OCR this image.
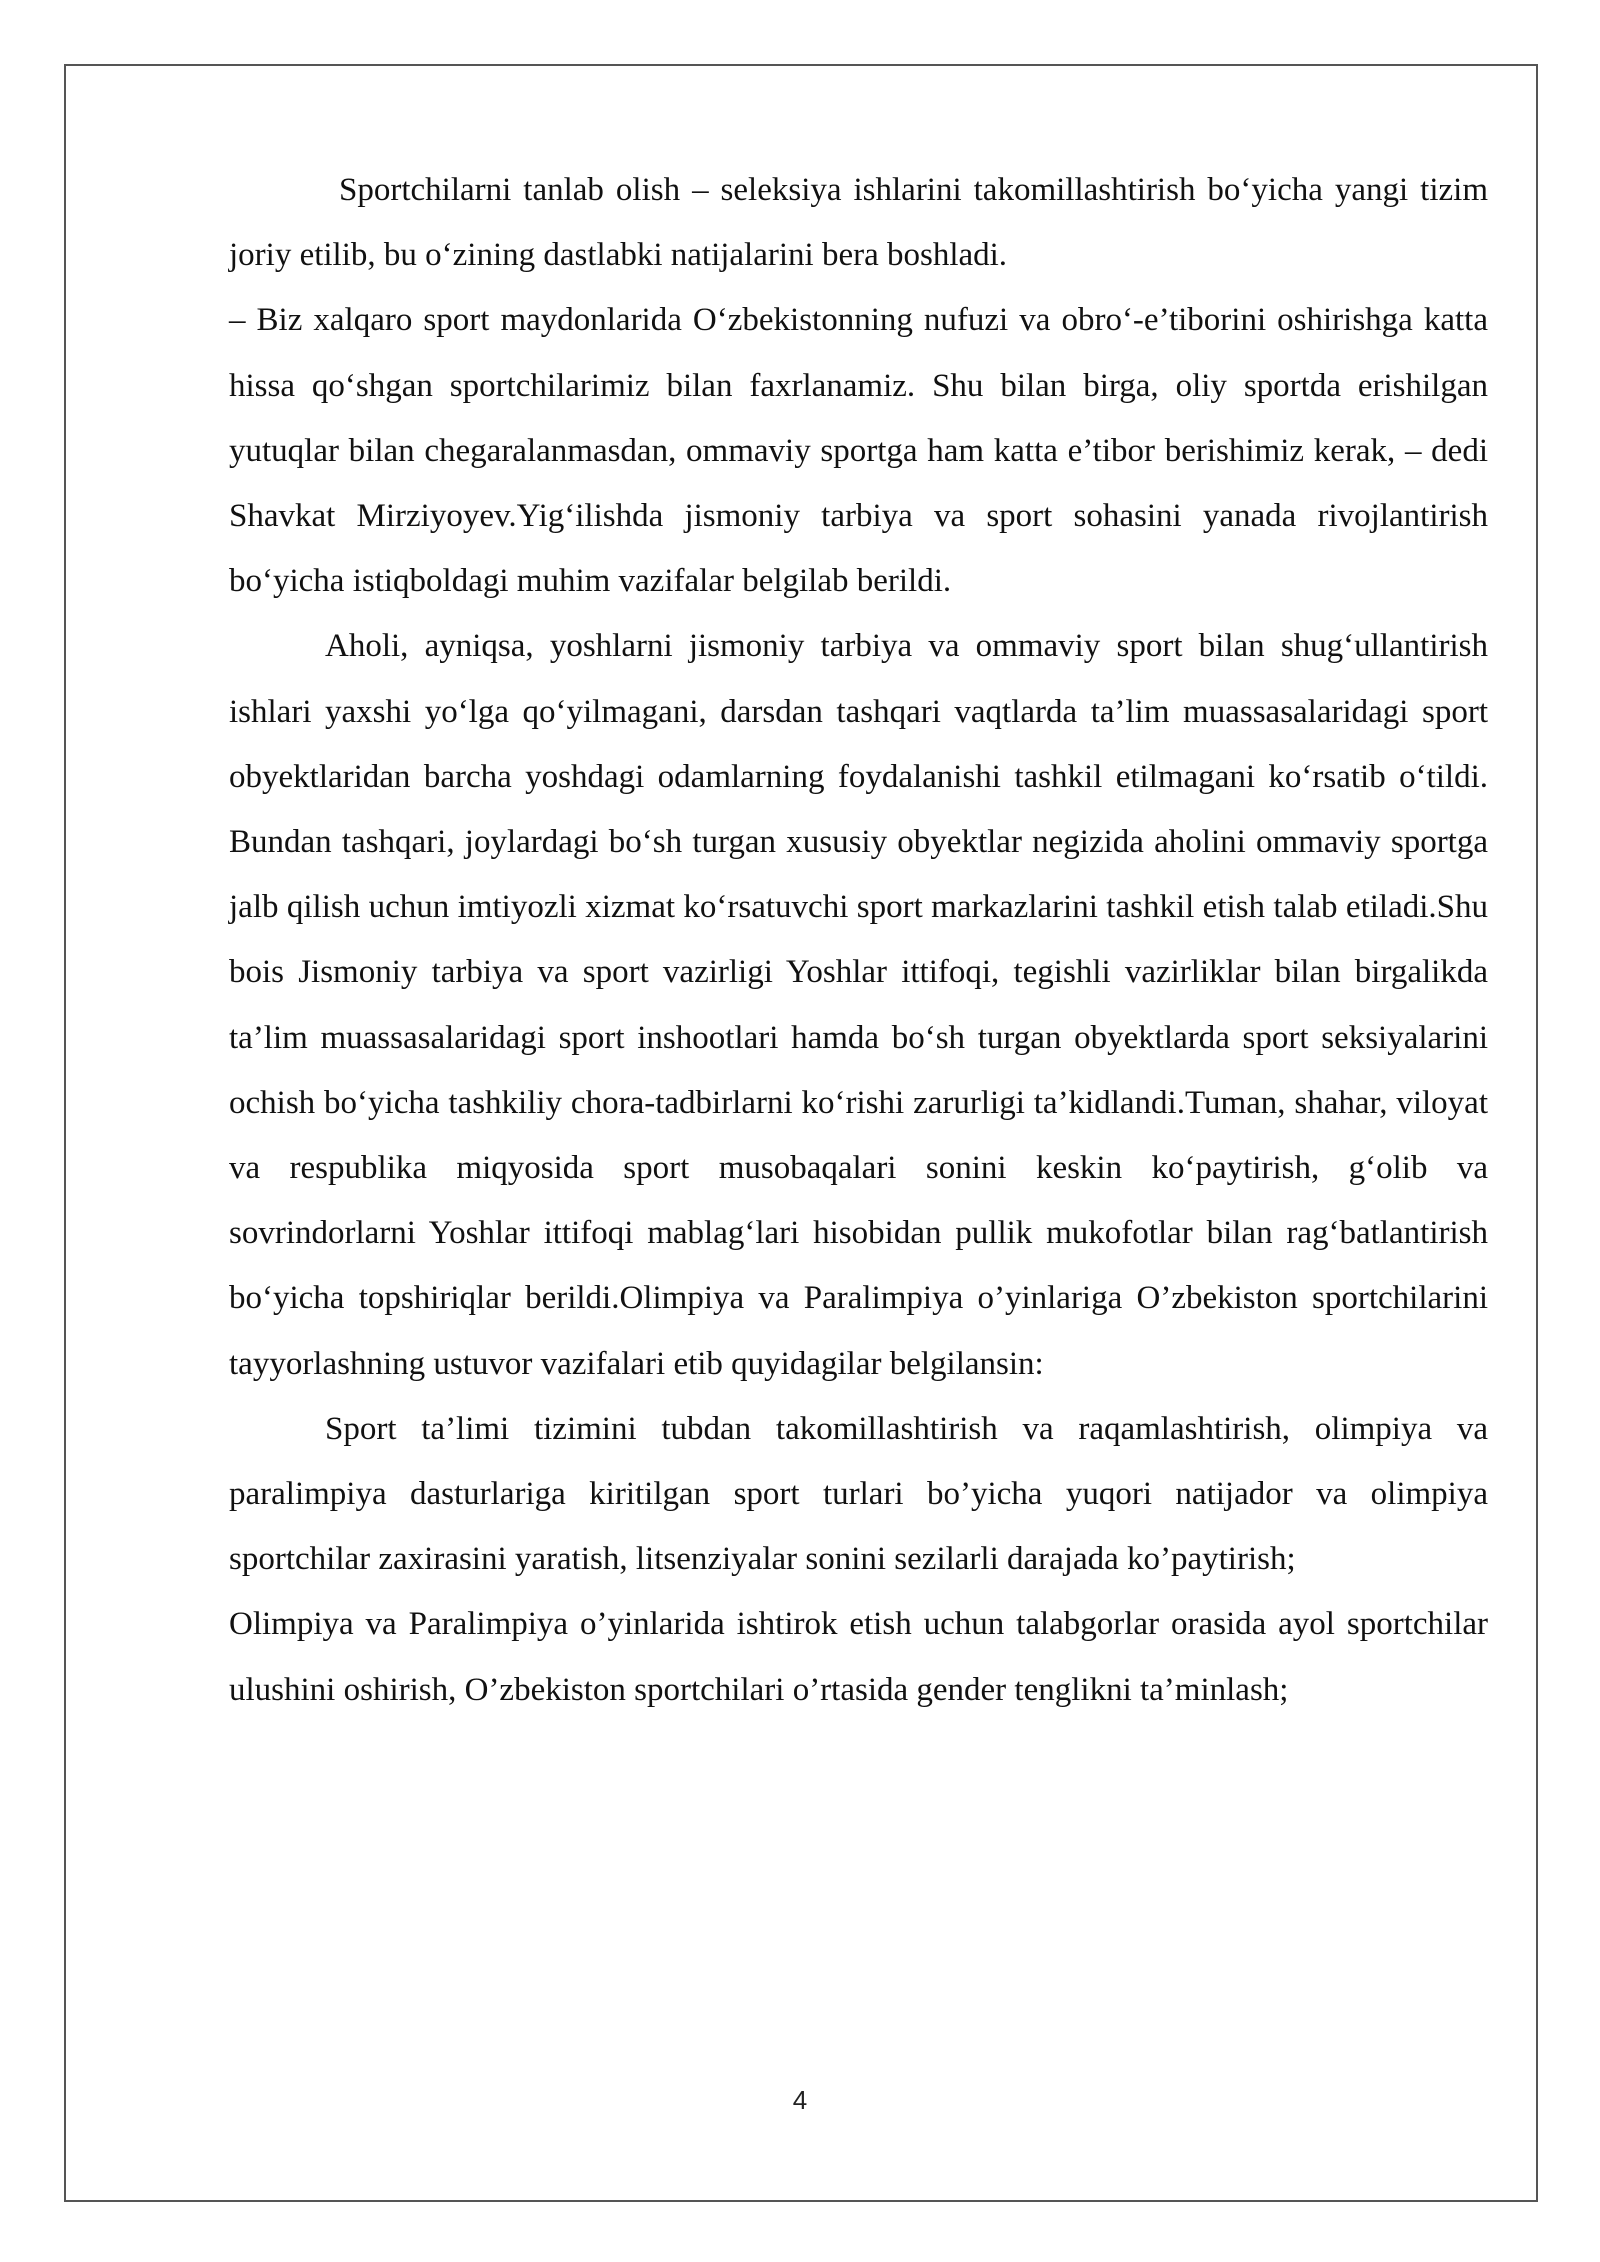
Sportchilarni tanlab olish – seleksiya ishlarini takomillashtirish bo‘yicha yangi tizim joriy etilib, bu o‘zining dastlabki natijalarini bera boshladi.

– Biz xalqaro sport maydonlarida O‘zbekistonning nufuzi va obro‘-e’tiborini oshirishga katta hissa qo‘shgan sportchilarimiz bilan faxrlanamiz. Shu bilan birga, oliy sportda erishilgan yutuqlar bilan chegaralanmasdan, ommaviy sportga ham katta e’tibor berishimiz kerak, – dedi Shavkat Mirziyoyev.Yig‘ilishda jismoniy tarbiya va sport sohasini yanada rivojlantirish bo‘yicha istiqboldagi muhim vazifalar belgilab berildi.

Aholi, ayniqsa, yoshlarni jismoniy tarbiya va ommaviy sport bilan shug‘ullantirish ishlari yaxshi yo‘lga qo‘yilmagani, darsdan tashqari vaqtlarda ta’lim muassasalaridagi sport obyektlaridan barcha yoshdagi odamlarning foydalanishi tashkil etilmagani ko‘rsatib o‘tildi. Bundan tashqari, joylardagi bo‘sh turgan xususiy obyektlar negizida aholini ommaviy sportga jalb qilish uchun imtiyozli xizmat ko‘rsatuvchi sport markazlarini tashkil etish talab etiladi.Shu bois Jismoniy tarbiya va sport vazirligi Yoshlar ittifoqi, tegishli vazirliklar bilan birgalikda ta’lim muassasalaridagi sport inshootlari hamda bo‘sh turgan obyektlarda sport seksiyalarini ochish bo‘yicha tashkiliy chora-tadbirlarni ko‘rishi zarurligi ta’kidlandi.Tuman, shahar, viloyat va respublika miqyosida sport musobaqalari sonini keskin ko‘paytirish, g‘olib va sovrindorlarni Yoshlar ittifoqi mablag‘lari hisobidan pullik mukofotlar bilan rag‘batlantirish bo‘yicha topshiriqlar berildi.Olimpiya va Paralimpiya o’yinlariga O’zbekiston sportchilarini tayyorlashning ustuvor vazifalari etib quyidagilar belgilansin:

Sport ta’limi tizimini tubdan takomillashtirish va raqamlashtirish, olimpiya va paralimpiya dasturlariga kiritilgan sport turlari bo’yicha yuqori natijador va olimpiya sportchilar zaxirasini yaratish, litsenziyalar sonini sezilarli darajada ko’paytirish;

Olimpiya va Paralimpiya o’yinlarida ishtirok etish uchun talabgorlar orasida ayol sportchilar ulushini oshirish, O’zbekiston sportchilari o’rtasida gender tenglikni ta’minlash;

4
